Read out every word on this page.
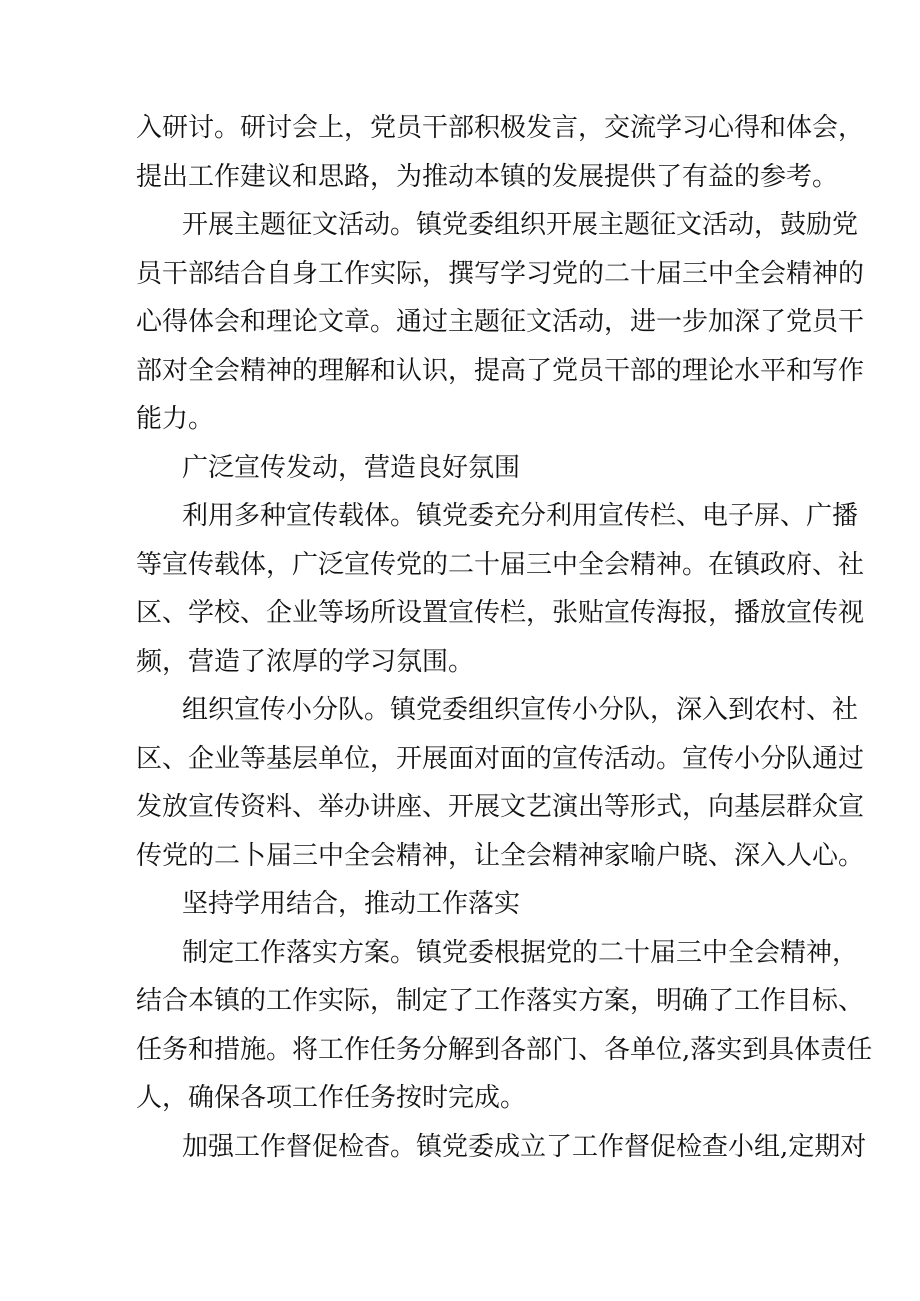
入研讨。研讨会上，党员干部积极发言，交流学习心得和体会，
提出工作建议和思路，为推动本镇的发展提供了有益的参考。
开展主题征文活动。镇党委组织开展主题征文活动，鼓励党
员干部结合自身工作实际，撰写学习党的二十届三中全会精神的
心得体会和理论文章。通过主题征文活动，进一步加深了党员干
部对全会精神的理解和认识，提高了党员干部的理论水平和写作
能力。
广泛宣传发动，营造良好氛围
利用多种宣传载体。镇党委充分利用宣传栏、电子屏、广播
等宣传载体，广泛宣传党的二十届三中全会精神。在镇政府、社
区、学校、企业等场所设置宣传栏，张贴宣传海报，播放宣传视
频，营造了浓厚的学习氛围。
组织宣传小分队。镇党委组织宣传小分队，深入到农村、社
区、企业等基层单位，开展面对面的宣传活动。宣传小分队通过
发放宣传资料、举办讲座、开展文艺演出等形式，向基层群众宣
传党的二卜届三中全会精神，让全会精神家喻户晓、深入人心。
坚持学用结合，推动工作落实
制定工作落实方案。镇党委根据党的二十届三中全会精神，
结合本镇的工作实际，制定了工作落实方案，明确了工作目标、
任务和措施。将工作任务分解到各部门、各单位,落实到具体责任
人，确保各项工作任务按时完成。
加强工作督促检杳。镇党委成立了工作督促检查小组,定期对
